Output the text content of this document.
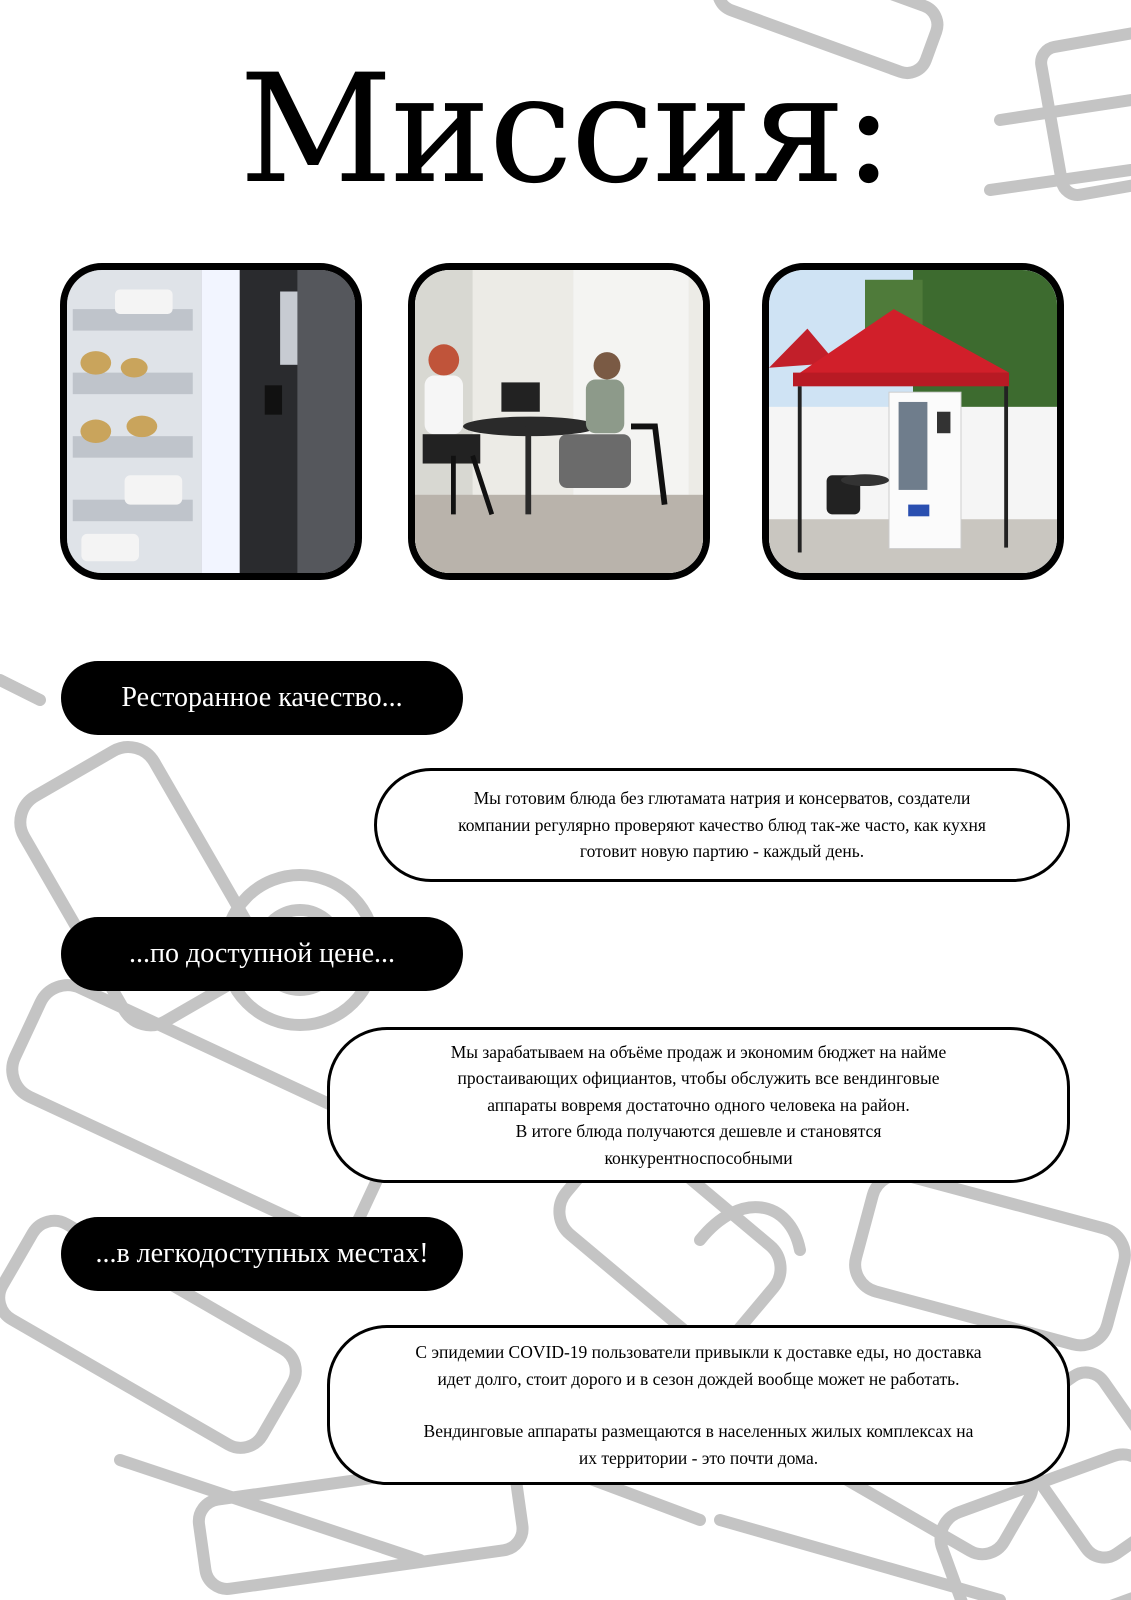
Миссия:
Ресторанное качество...

Мы готовим блюда без глютамата натрия и консерватов, создатели

компании регулярно проверяют качество блюд так-же часто, как кухня

готовит новую партию - каждый день.

...по доступной цене...

Мы зарабатываем на объёме продаж и экономим бюджет на найме

простаивающих официантов, чтобы обслужить все вендинговые

аппараты вовремя достаточно одного человека на район.

В итоге блюда получаются дешевле и становятся

конкурентноспособными

...в легкодоступных местах!

С эпидемии COVID-19 пользователи привыкли к доставке еды, но доставка

идет долго, стоит дорого и в сезон дождей вообще может не работать.

Вендинговые аппараты размещаются в населенных жилых комплексах на

их территории - это почти дома.
